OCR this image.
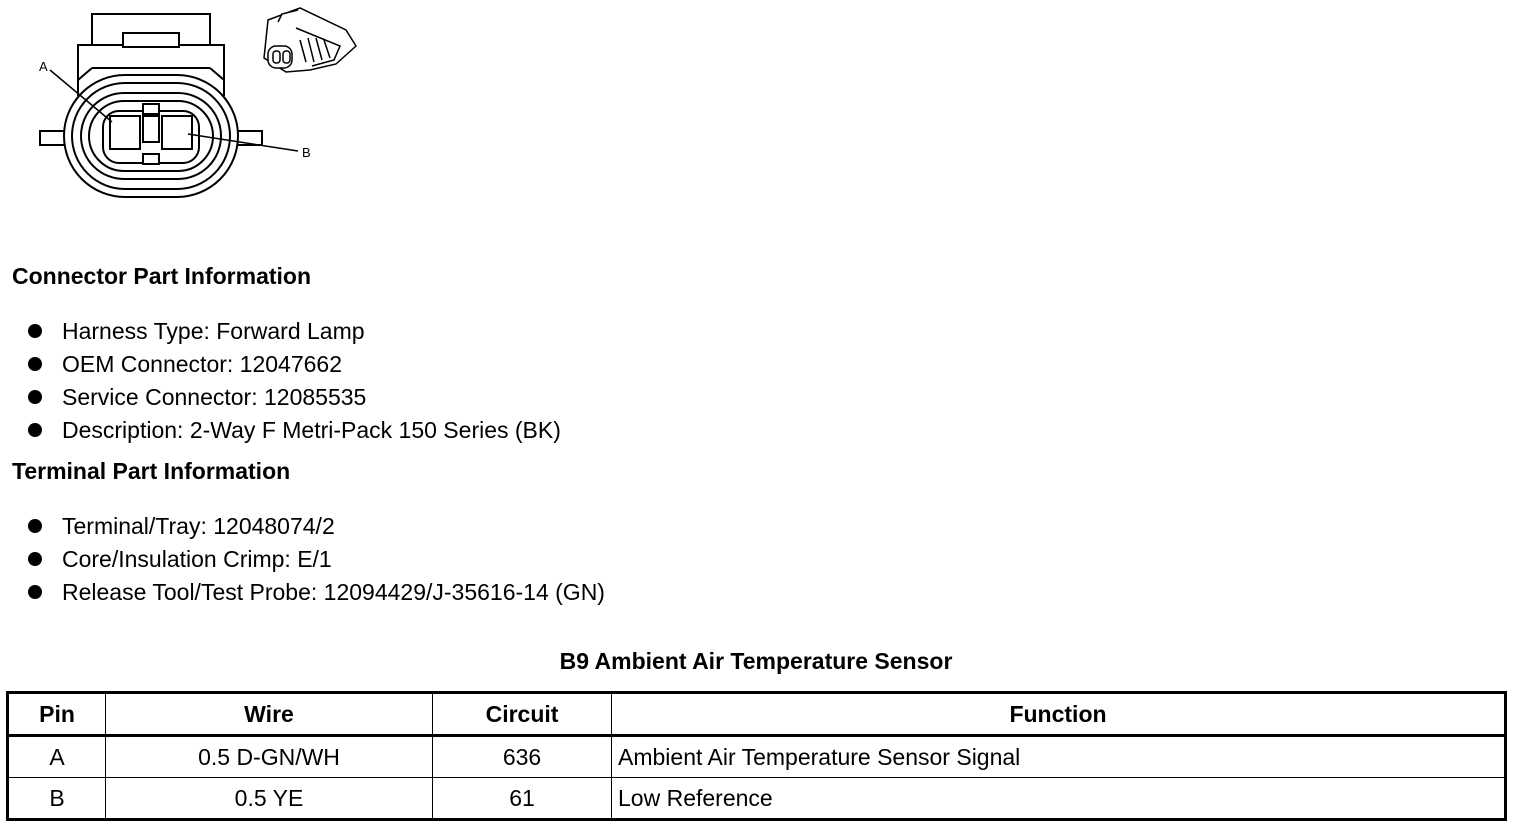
A
B
Connector Part Information
Harness Type: Forward Lamp
OEM Connector: 12047662
Service Connector: 12085535
Description: 2-Way F Metri-Pack 150 Series (BK)
Terminal Part Information
Terminal/Tray: 12048074/2
Core/Insulation Crimp: E/1
Release Tool/Test Probe: 12094429/J-35616-14 (GN)
B9 Ambient Air Temperature Sensor
Pin	Wire	Circuit	Function
A	0.5 D-GN/WH	636	Ambient Air Temperature Sensor Signal
B	0.5 YE	61	Low Reference
